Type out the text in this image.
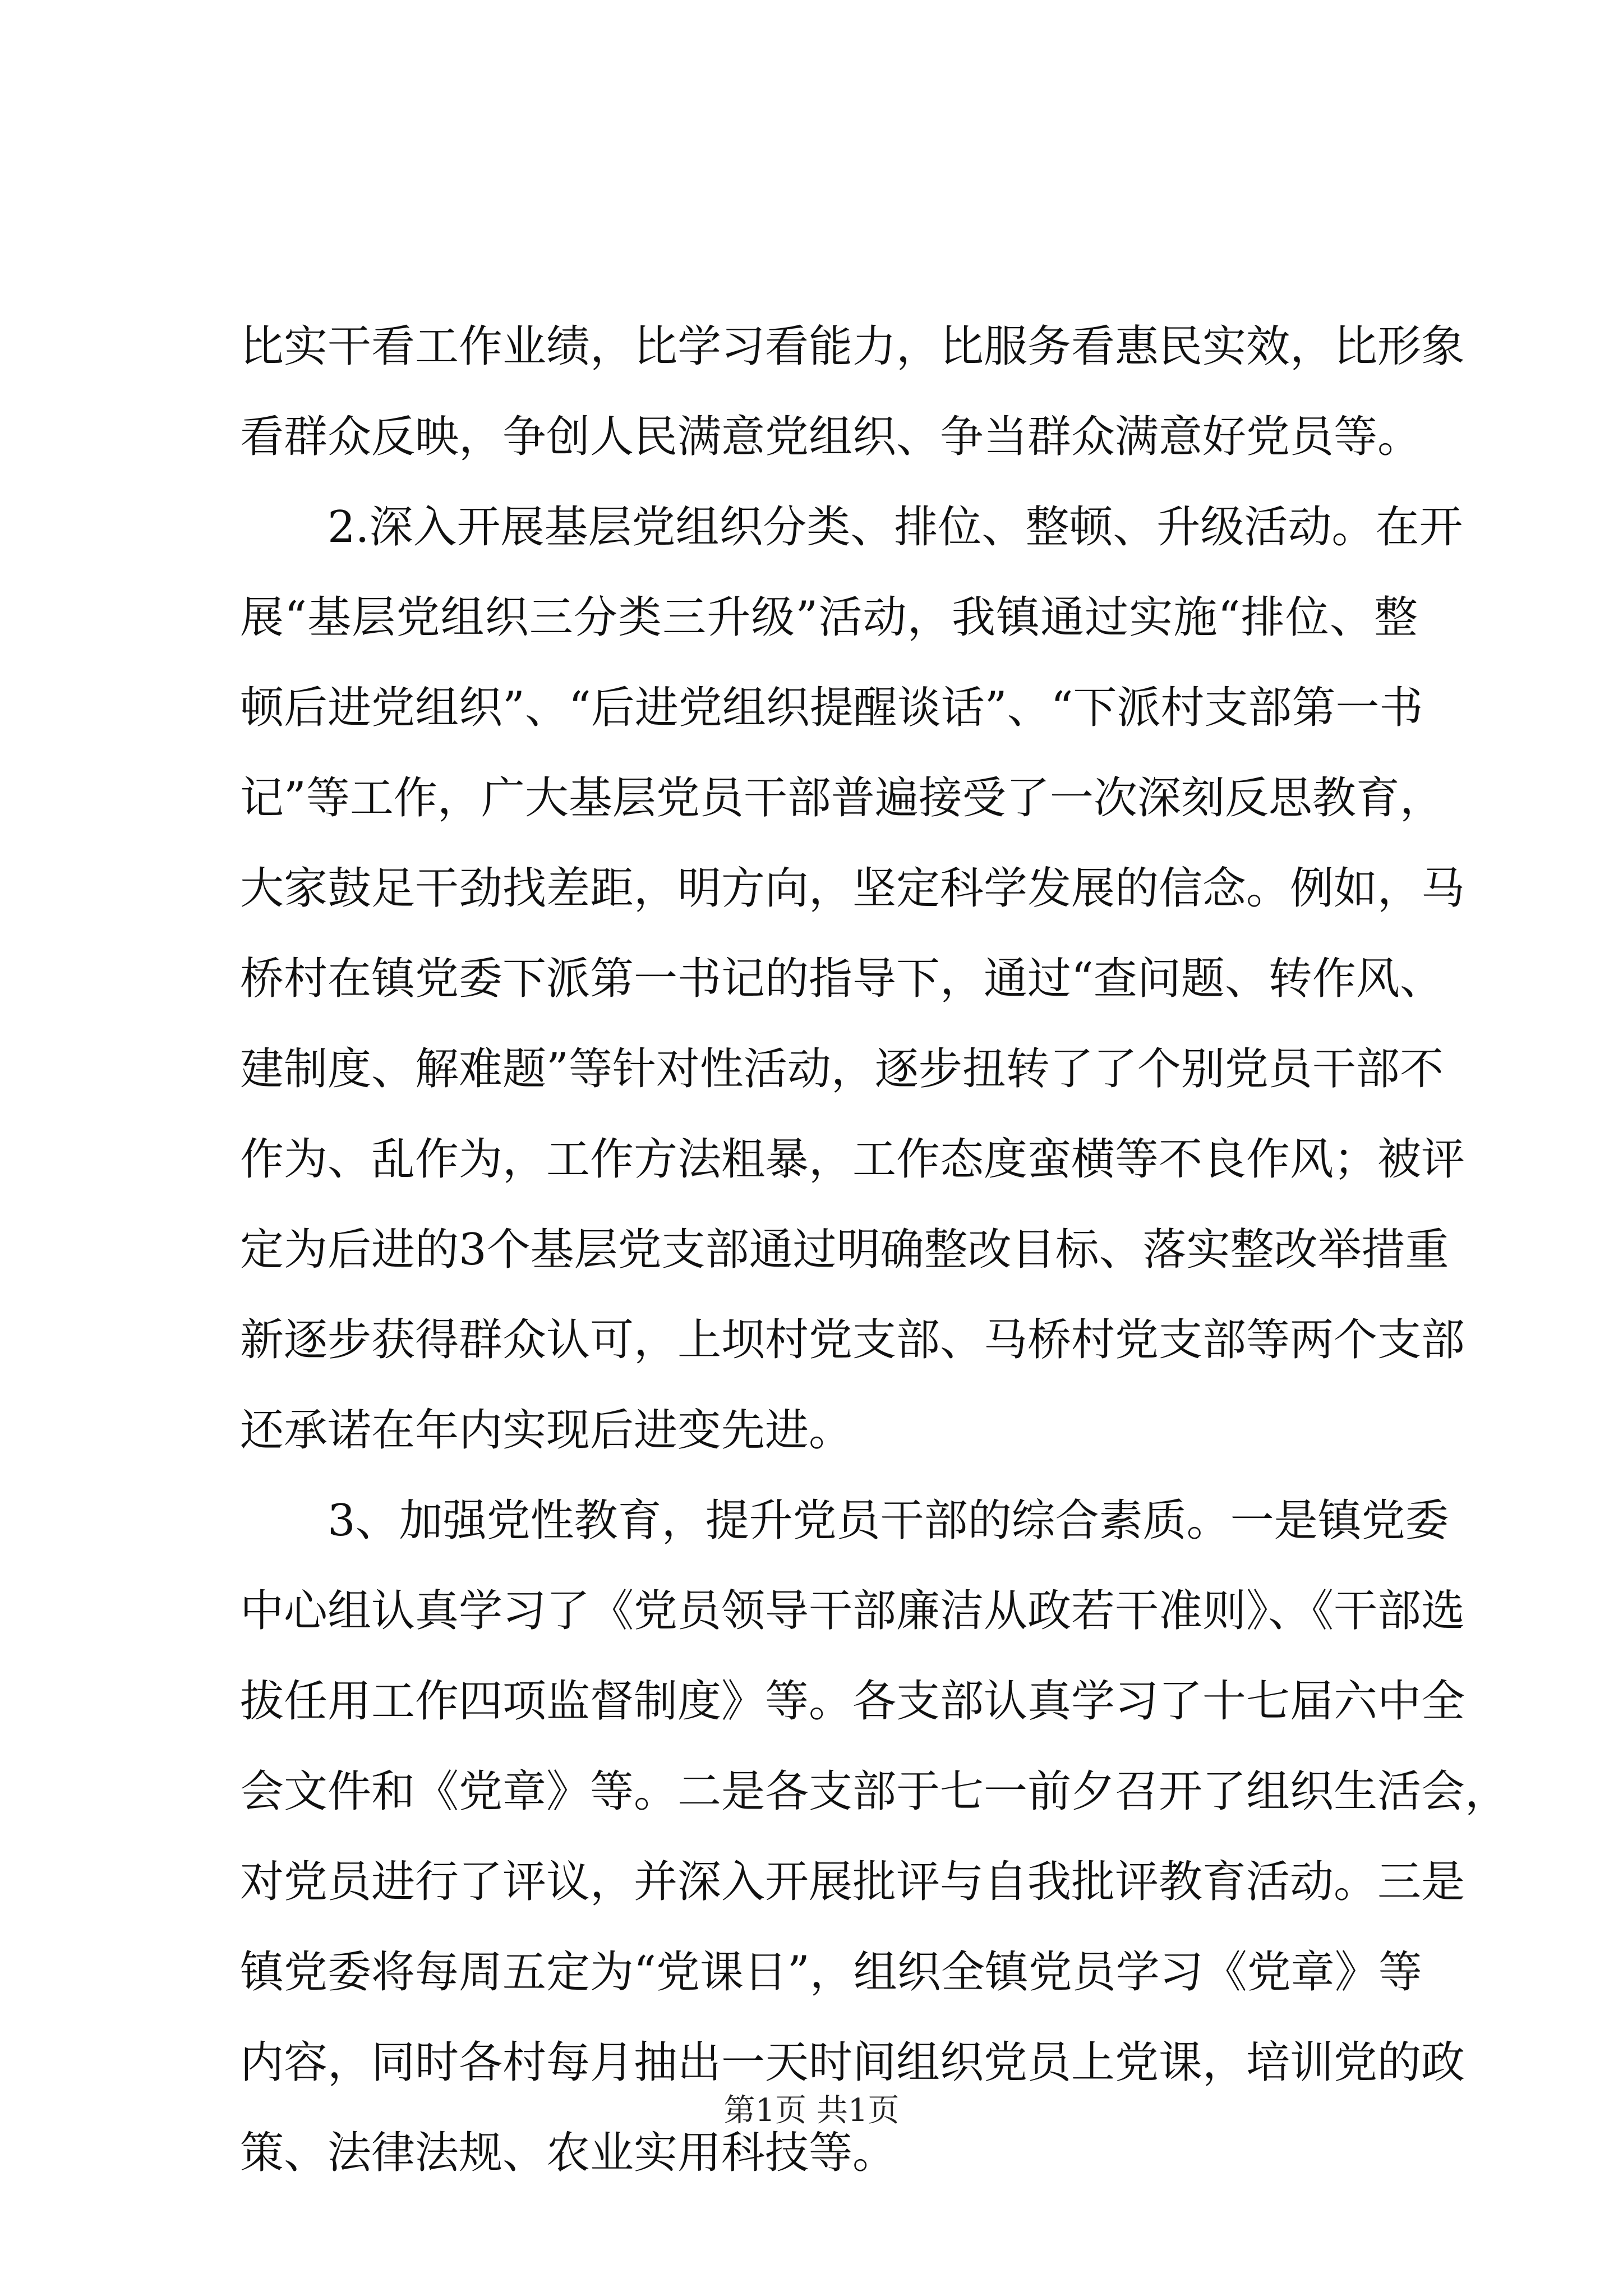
比实干看工作业绩，比学习看能力，比服务看惠民实效，比形象
看群众反映，争创人民满意党组织、争当群众满意好党员等。
2.深入开展基层党组织分类、排位、整顿、升级活动。在开
展“基层党组织三分类三升级”活动，我镇通过实施“排位、整
顿后进党组织”、“后进党组织提醒谈话”、“下派村支部第一书
记”等工作，广大基层党员干部普遍接受了一次深刻反思教育，
大家鼓足干劲找差距，明方向，坚定科学发展的信念。例如，马
桥村在镇党委下派第一书记的指导下，通过“查问题、转作风、
建制度、解难题”等针对性活动，逐步扭转了了个别党员干部不
作为、乱作为，工作方法粗暴，工作态度蛮横等不良作风；被评
定为后进的3个基层党支部通过明确整改目标、落实整改举措重
新逐步获得群众认可，上坝村党支部、马桥村党支部等两个支部
还承诺在年内实现后进变先进。
3、加强党性教育，提升党员干部的综合素质。一是镇党委
中心组认真学习了《党员领导干部廉洁从政若干准则》、《干部选
拔任用工作四项监督制度》等。各支部认真学习了十七届六中全
会文件和《党章》等。二是各支部于七一前夕召开了组织生活会，
对党员进行了评议，并深入开展批评与自我批评教育活动。三是
镇党委将每周五定为“党课日”，组织全镇党员学习《党章》等
内容，同时各村每月抽出一天时间组织党员上党课，培训党的政
策、法律法规、农业实用科技等。
第1页 共1页
